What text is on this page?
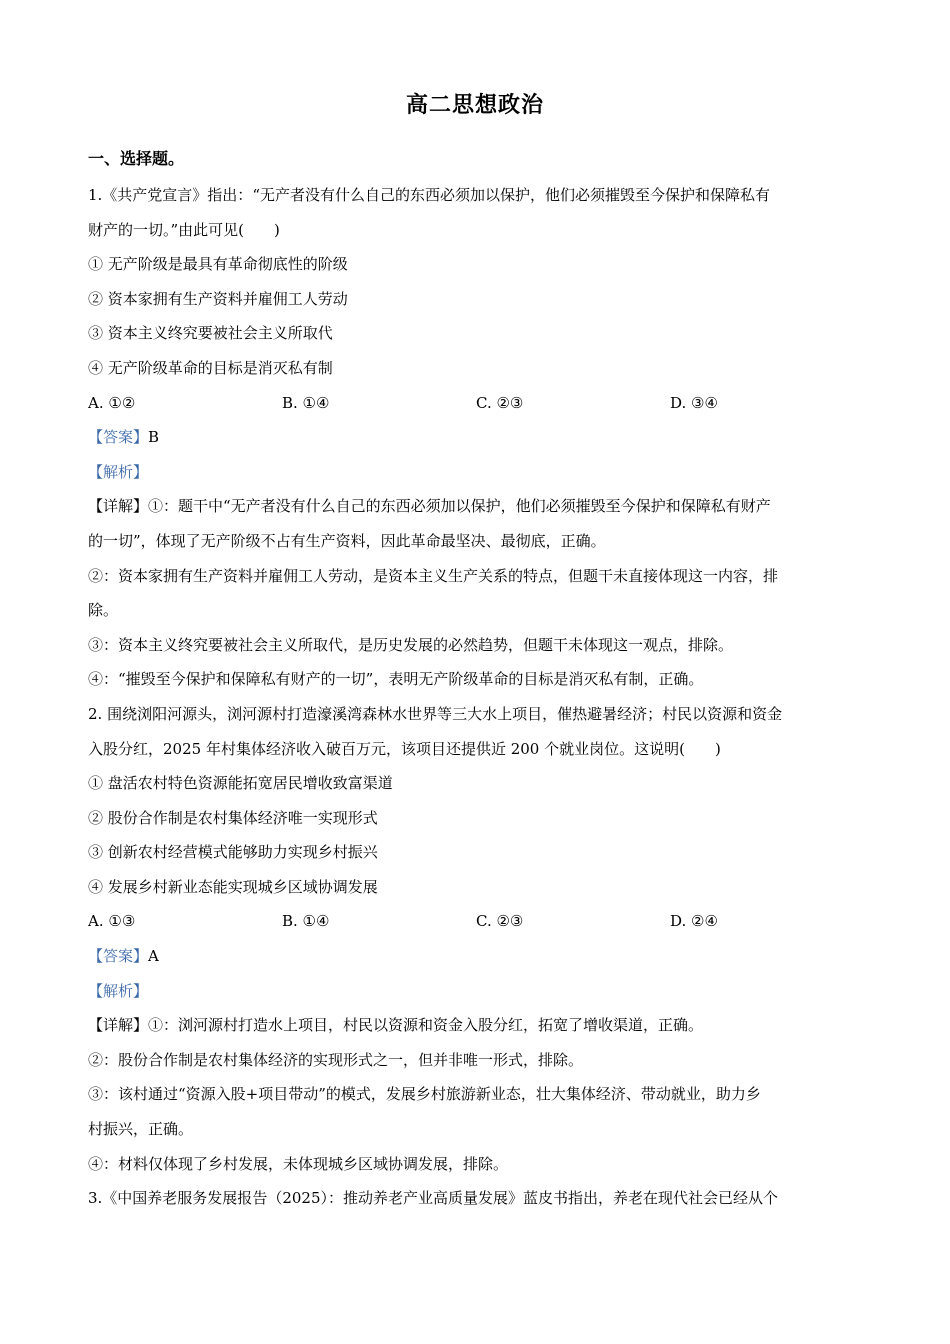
高二思想政治
一、选择题。
1.《共产党宣言》指出：“无产者没有什么自己的东西必须加以保护，他们必须摧毁至今保护和保障私有
财产的一切。”由此可见(　　)
① 无产阶级是最具有革命彻底性的阶级
② 资本家拥有生产资料并雇佣工人劳动
③ 资本主义终究要被社会主义所取代
④ 无产阶级革命的目标是消灭私有制
A. ①②	B. ①④	C. ②③	D. ③④
【答案】B
【解析】
【详解】①：题干中“无产者没有什么自己的东西必须加以保护，他们必须摧毁至今保护和保障私有财产
的一切”，体现了无产阶级不占有生产资料，因此革命最坚决、最彻底，正确。
②：资本家拥有生产资料并雇佣工人劳动，是资本主义生产关系的特点，但题干未直接体现这一内容，排
除。
③：资本主义终究要被社会主义所取代，是历史发展的必然趋势，但题干未体现这一观点，排除。
④：“摧毁至今保护和保障私有财产的一切”，表明无产阶级革命的目标是消灭私有制，正确。
2. 围绕浏阳河源头，浏河源村打造濠溪湾森林水世界等三大水上项目，催热避暑经济；村民以资源和资金
入股分红，2025 年村集体经济收入破百万元，该项目还提供近 200 个就业岗位。这说明(　　)
① 盘活农村特色资源能拓宽居民增收致富渠道
② 股份合作制是农村集体经济唯一实现形式
③ 创新农村经营模式能够助力实现乡村振兴
④ 发展乡村新业态能实现城乡区域协调发展
A. ①③	B. ①④	C. ②③	D. ②④
【答案】A
【解析】
【详解】①：浏河源村打造水上项目，村民以资源和资金入股分红，拓宽了增收渠道，正确。
②：股份合作制是农村集体经济的实现形式之一，但并非唯一形式，排除。
③：该村通过“资源入股+项目带动”的模式，发展乡村旅游新业态，壮大集体经济、带动就业，助力乡
村振兴，正确。
④：材料仅体现了乡村发展，未体现城乡区域协调发展，排除。
3.《中国养老服务发展报告（2025）：推动养老产业高质量发展》蓝皮书指出，养老在现代社会已经从个
